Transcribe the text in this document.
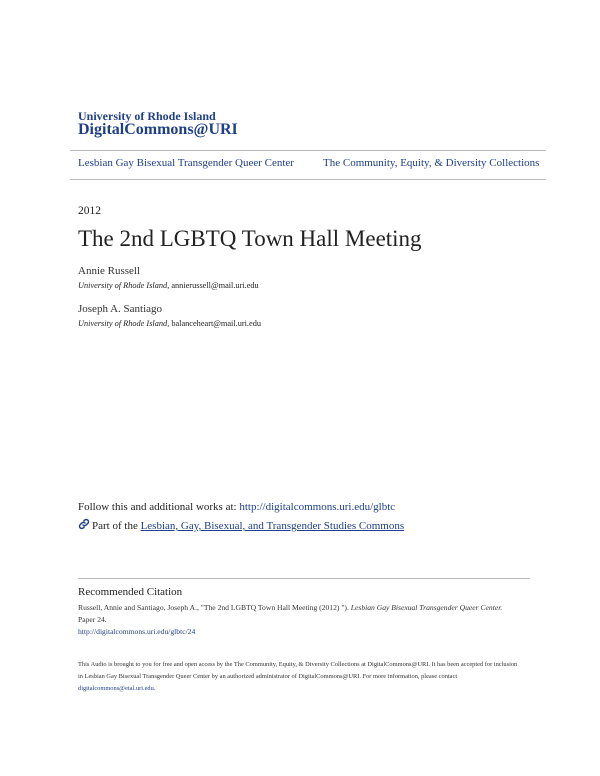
University of Rhode Island
DigitalCommons@URI
Lesbian Gay Bisexual Transgender Queer Center	The Community, Equity, & Diversity Collections
2012
The 2nd LGBTQ Town Hall Meeting
Annie Russell
University of Rhode Island, annierussell@mail.uri.edu
Joseph A. Santiago
University of Rhode Island, balanceheart@mail.uri.edu
Follow this and additional works at: http://digitalcommons.uri.edu/glbtc
Part of the Lesbian, Gay, Bisexual, and Transgender Studies Commons
Recommended Citation
Russell, Annie and Santiago, Joseph A., "The 2nd LGBTQ Town Hall Meeting (2012) "). Lesbian Gay Bisexual Transgender Queer Center.
Paper 24.
http://digitalcommons.uri.edu/glbtc/24
This Audio is brought to you for free and open access by the The Community, Equity, & Diversity Collections at DigitalCommons@URI. It has been accepted for inclusion in Lesbian Gay Bisexual Transgender Queer Center by an authorized administrator of DigitalCommons@URI. For more information, please contact digitalcommons@etal.uri.edu.
